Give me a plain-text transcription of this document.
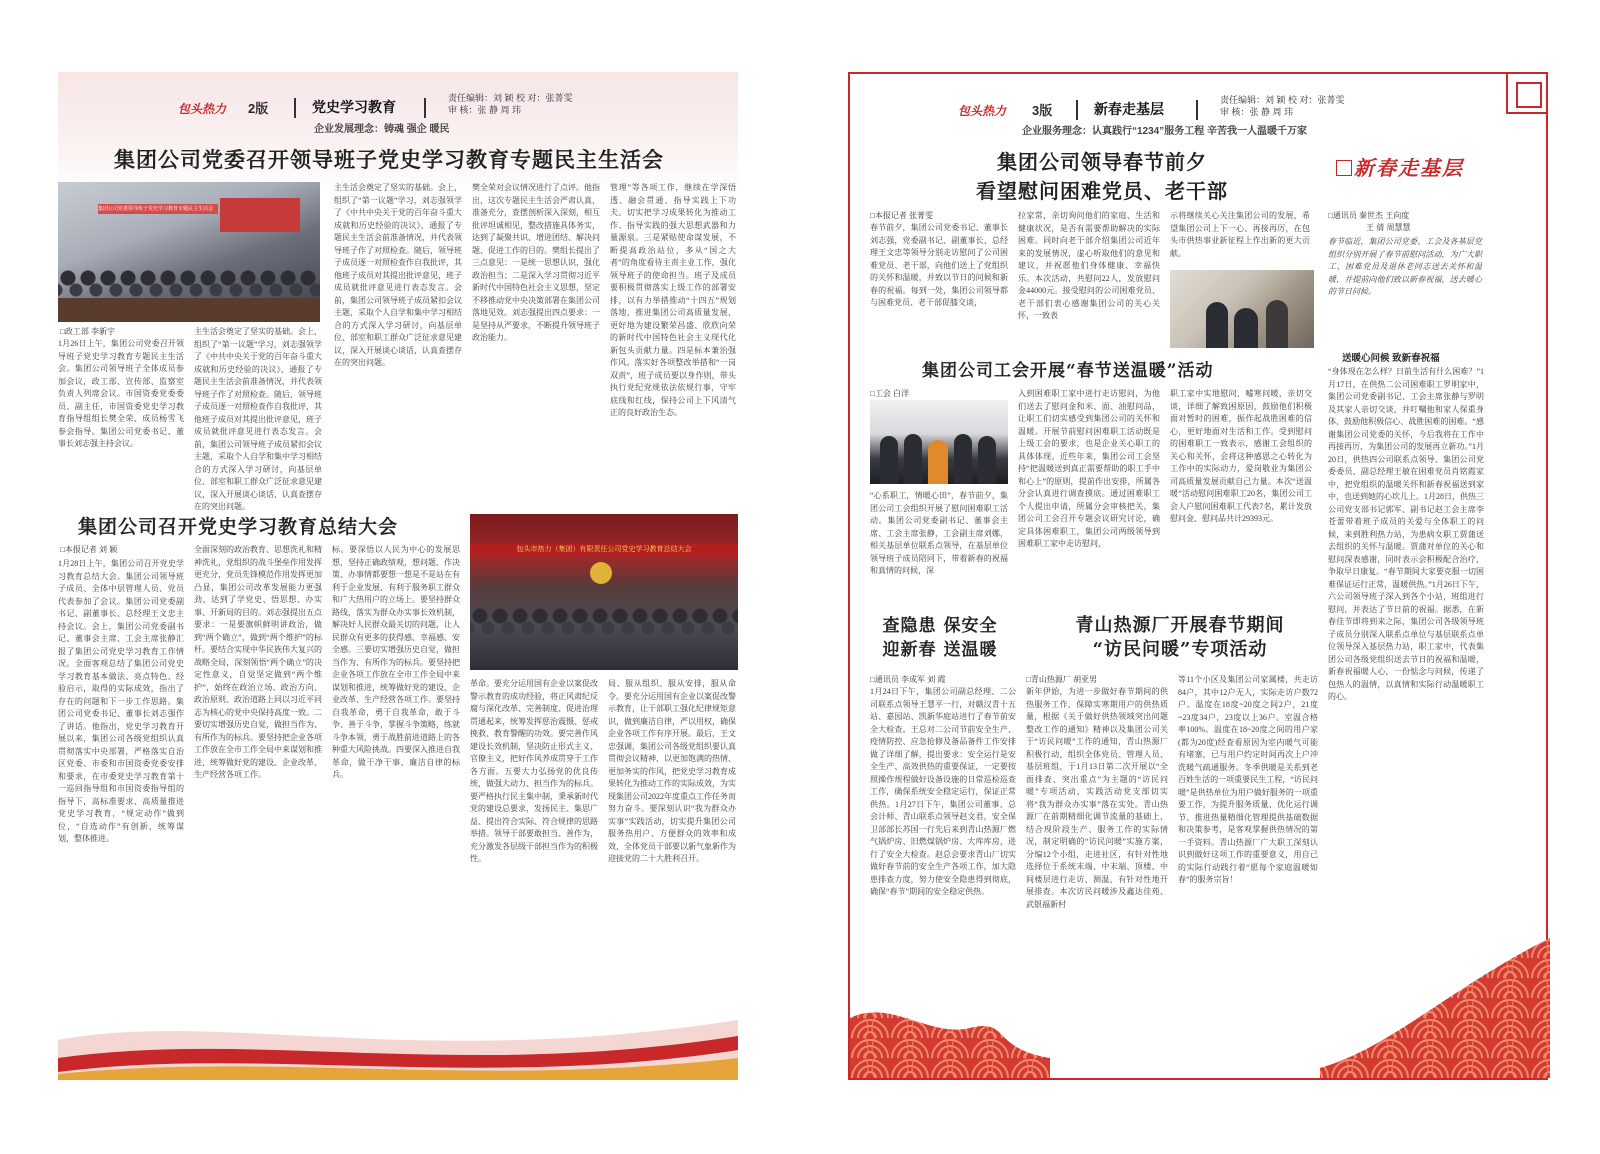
包头热力 2版	党史学习教育
责任编辑：刘 颖 校 对：张菁雯
审 核：张 静 周 玮
企业发展理念：铸魂 强企 暖民
集团公司党委召开领导班子党史学习教育专题民主生活会
集团公司党委领导班子党史学习教育专题民主生活会
□政工部 李新宇
1月26日上午，集团公司党委召开领导班子党史学习教育专题民主生活会。集团公司领导班子全体成员参加会议，政工部、宣传部、监察室负责人列席会议。市国资委党委委员、副主任，市国资委党史学习教育指导组组长樊全荣、成员杨雪飞参会指导。集团公司党委书记、董事长刘志强主持会议。
主生活会奠定了坚实的基础。会上，组织了“第一议题”学习，刘志强领学了《中共中央关于党的百年奋斗重大成就和历史经验的决议》，通报了专题民主生活会前准备情况，并代表领导班子作了对照检查。随后，领导班子成员逐一对照检查作自我批评，其他班子成员对其提出批评意见，班子成员就批评意见进行表态发言。会前，集团公司领导班子成员紧扣会议主题，采取个人自学和集中学习相结合的方式深入学习研讨，向基层单位、部室和职工群众广泛征求意见建议，深入开展谈心谈话，认真查摆存在的突出问题。
樊全荣对会议情况进行了点评。他指出，这次专题民主生活会严肃认真，准备充分，查摆剖析深入深刻，相互批评坦诚相见，整改措施具体务实，达到了凝聚共识、增进团结、解决问题、促进工作的目的。樊组长提出了三点意见：一是统一思想认识，强化政治担当；二是深入学习贯彻习近平新时代中国特色社会主义思想，坚定不移推动党中央决策部署在集团公司落地见效。刘志强提出四点要求：一是坚持从严要求，不断提升领导班子政治能力。
管理”等各项工作，继续在学深悟透、融会贯通、指导实践上下功夫。切实把学习成果转化为推动工作、指导实践的强大思想武器和力量源泉。三是紧贴使命谋发展，不断提高政治站位，多从“国之大者”的角度看待主责主业工作，强化领导班子的使命担当。班子及成员要积极贯彻落实上级工作的部署安排，以有力举措推动“十四五”规划落地，推进集团公司高质量发展，更好地为建设繁荣昌盛、欣欣向荣的新时代中国特色社会主义现代化新包头贡献力量。四是标本兼治强作风。落实好各项整改举措和“一岗双责”，班子成员要以身作则，带头执行党纪党规依法依规行事，守牢底线和红线，保持公司上下风清气正的良好政治生态。
主生活会奠定了坚实的基础。会上，组织了“第一议题”学习，刘志强领学了《中共中央关于党的百年奋斗重大成就和历史经验的决议》，通报了专题民主生活会前准备情况，并代表领导班子作了对照检查。随后，领导班子成员逐一对照检查作自我批评，其他班子成员对其提出批评意见，班子成员就批评意见进行表态发言。会前，集团公司领导班子成员紧扣会议主题，采取个人自学和集中学习相结合的方式深入学习研讨，向基层单位、部室和职工群众广泛征求意见建议，深入开展谈心谈话，认真查摆存在的突出问题。
集团公司召开党史学习教育总结大会
包头市热力（集团）有限责任公司党史学习教育总结大会
□本报记者 刘 颖
1月28日上午，集团公司召开党史学习教育总结大会。集团公司领导班子成员、全体中层管理人员、党员代表参加了会议。集团公司党委副书记、副董事长、总经理王文忠主持会议。会上，集团公司党委副书记、董事会主席、工会主席张静汇报了集团公司党史学习教育工作情况。全面客观总结了集团公司党史学习教育基本做法、亮点特色、经验启示，取得的实际成效，指出了存在的问题和下一步工作思路。集团公司党委书记、董事长刘志强作了讲话。他指出，党史学习教育开展以来，集团公司各级党组织认真贯彻落实中央部署，严格落实自治区党委、市委和市国资委党委安排和要求，在市委党史学习教育第十一巡回指导组和市国资委指导组的指导下，高标准要求、高质量推进党史学习教育，“规定动作”做到位，“自选动作”有创新，统筹谋划，整体推进。
全面深刻的政治教育、思想洗礼和精神洗礼，党组织的战斗堡垒作用发挥更充分，党员先锋模范作用发挥更加凸显，集团公司改革发展能力更强劲，达到了学党史、悟思想、办实事、开新局的目的。刘志强提出五点要求：一是要旗帜鲜明讲政治，做到“两个确立”，做到“两个维护”的标杆。要结合实现中华民族伟大复兴的战略全局，深刻领悟“两个确立”的决定性意义，自觉坚定做到“两个维护”，始终在政治立场、政治方向、政治原则、政治道路上同以习近平同志为核心的党中央保持高度一致。二要切实增强历史自觉，做担当作为、有所作为的标兵。要坚持把企业各项工作放在全市工作全局中来谋划和推进，统筹做好党的建设、企业改革、生产经营各项工作。
标。要深悟以人民为中心的发展思想，坚持正确政绩观，想问题、作决策、办事情都要想一想是不是站在有利于企业发展、有利于服务职工群众和广大热用户的立场上。要坚持群众路线，落实为群众办实事长效机制，解决好人民群众最关切的问题，让人民群众有更多的获得感、幸福感、安全感。三要切实增强历史自觉，做担当作为、有所作为的标兵。要坚持把企业各项工作放在全市工作全局中来谋划和推进，统筹做好党的建设、企业改革、生产经营各项工作。要坚持自我革命，勇于自我革命，敢于斗争、善于斗争，掌握斗争策略，练就斗争本领，勇于战胜前进道路上的各种重大风险挑战。四要深入推进自我革命，做干净干事、廉洁自律的标兵。
革命。要充分运用国有企业以案促改警示教育的成功经验，将正风肃纪反腐与深化改革、完善制度、促进治理贯通起来，统筹发挥惩治震慑、惩戒挽救、教育警醒的功效。要完善作风建设长效机制，坚决防止形式主义、官僚主义，把好作风养成贯穿于工作各方面。五要大力弘扬党的优良传统，做强大动力、担当作为的标兵。要严格执行民主集中制，秉承新时代党的建设总要求，发扬民主、集思广益、提出符合实际、符合规律的思路举措。领导干部要敢担当、善作为，充分激发各层级干部担当作为的积极性。
局、服从组织、服从安排，服从命令。要充分运用国有企业以案促改警示教育，让干部职工强化纪律规矩意识，做到廉洁自律，严以用权，确保企业各项工作有序开展。最后，王文忠强调，集团公司各级党组织要认真贯彻会议精神，以更加饱满的热情、更加务实的作风，把党史学习教育成果转化为推动工作的实际成效，为实现集团公司2022年度重点工作任务而努力奋斗。要深刻认识“我为群众办实事”实践活动，切实提升集团公司服务热用户、方便群众的效率和成效，全体党员干部要以新气象新作为迎接党的二十大胜利召开。
包头热力 3版	新春走基层
责任编辑：刘 颖 校 对：张菁雯
审 核：张 静 周 玮
企业服务理念：认真践行“1234”服务工程 辛苦我一人温暖千万家
集团公司领导春节前夕
看望慰问困难党员、老干部
新春走基层
□本报记者 张菁雯
春节前夕，集团公司党委书记、董事长刘志强，党委副书记、副董事长、总经理王文忠等领导分别走访慰问了公司困难党员、老干部，向他们送上了党组织的关怀和温暖，并致以节日的问候和新春的祝福。每到一处，集团公司领导都与困难党员、老干部促膝交谈，
拉家常，亲切询问他们的家庭、生活和健康状况，是否有需要帮助解决的实际困难。同时向老干部介绍集团公司近年来的发展情况，虚心听取他们的意见和建议，并祝愿他们身体健康、幸福快乐。本次活动，共慰问22人，发放慰问金44000元。接受慰问的公司困难党员、老干部们衷心感谢集团公司的关心关怀，一致表
示将继续关心关注集团公司的发展，希望集团公司上下一心、再接再厉，在包头市供热事业新征程上作出新的更大贡献。
□通讯员 秦世杰 王向度
王 倩 周慧慧
春节临近，集团公司党委、工会及各基层党组织分别开展了春节前慰问活动，为广大职工、困难党员及退休老同志送去关怀和温暖，并提前向他们致以新春祝福，送去暖心的节日问候。
送暖心问候 致新春祝福
“身体现在怎么样？日前生活有什么困难？”1月17日，在供热二公司困难职工罗明家中，集团公司党委副书记、工会主席张静与罗明及其家人亲切交谈，并叮嘱他和家人保重身体，鼓励他积极信心、战胜困难的困难。“感谢集团公司党委的关怀，今后我将在工作中再接再厉，为集团公司的发展再立新功。”1月20日，供热四公司联系点领导、集团公司党委委员、副总经理王敏在困难党员肖铭霞家中，把党组织的温暖关怀和新春祝福送到家中，也送到她的心坎儿上。1月28日，供热三公司党支部书记郭军、副书记赵工会主席李苍蕾带着班子成员的关爱与全体职工的问候，来到胜利热力站，为患病女职工贾蒲送去组织的关怀与温暖。贾蒲对单位的关心和慰问深表感谢，同时表示会积极配合治疗，争取早日康复。“春节期间大家要克服一切困难保证运行正常，温暖供热。”1月26日下午，六公司领导班子深入到各个小站，班组进行慰问，并表达了节日前的祝福。据悉，在新春佳节即将到来之际，集团公司各级领导班子成员分别深入联系点单位与基层联系点单位领导深入基层热力站，职工家中，代表集团公司各级党组织送去节日的祝福和温暖，新春祝福暖人心，一份惦念与问候，传递了包热人的温情，以真情和实际行动温暖职工的心。
集团公司工会开展“春节送温暖”活动
□工会 白洋
“心系职工，情暖心田”，春节前夕，集团公司工会组织开展了慰问困难职工活动。集团公司党委副书记、董事会主席、工会主席张静，工会副主席刘娜，相关基层单位联系点领导，在基层单位领导班子成员陪同下，带着新春的祝福和真情的问候，深
入到困难职工家中进行走访慰问，为他们送去了慰问金和米、面、油慰问品，让职工们切实感受到集团公司的关怀和温暖。开展节前慰问困难职工活动既是上级工会的要求，也是企业关心职工的具体体现。近些年来，集团公司工会坚持“把温暖送到真正需要帮助的职工手中和心上”的原则，提前作出安排，所属各分会认真进行调查摸底。通过困难职工个人提出申请，所属分会审核把关，集团公司工会召开专题会议研究讨论，确定具体困难职工，集团公司两级领导到困难职工家中走访慰问，
职工家中实地慰问，嘘寒问暖，亲切交谈，详细了解致困原因，鼓励他们积极面对暂时的困难，振作起战胜困难的信心，更好地面对生活和工作。受到慰问的困难职工一致表示，感谢工会组织的关心和关怀，会将这种感恩之心转化为工作中的实际动力，爱岗敬业为集团公司高质量发展贡献自己力量。本次“送温暖”活动慰问困难职工20名，集团公司工会人户慰问困难职工代表7名，累计发放慰问金、慰问品共计29393元。
查隐患 保安全
迎新春 送温暖
□通讯员 李成军 刘 霞
1月24日下午，集团公司副总经理、二公司联系点领导王慧平一行，对赣汉青十五站、嘉园站、凯新华庭站进行了春节前安全大检查。王总对二公司节前安全生产、疫情防控、应急抢修及备品备件工作安排做了详细了解，提出要求：安全运行是安全生产、高效供热的重要保证，一定要按照操作规程做好设备设施的日常巡检巡查工作，确保系统安全稳定运行，保证正常供热。1月27日下午，集团公司董事、总会计师、青山联系点领导赵文君，安全保卫部部长苏国一行先后来到青山热源厂燃气锅炉房、旧燃煤锅炉房、大库库房，进行了安全大检查。赵总会要求青山厂切实做好春节前的安全生产各项工作，加大隐患排查力度，努力使安全隐患得到彻底，确保“春节”期间的安全稳定供热。
青山热源厂开展春节期间
“访民问暖”专项活动
□青山热源厂 胡亚男
新年伊始，为进一步做好春节期间的供热服务工作，保障实寒期用户的供热质量，根据《关于做好供热领域突出问题整改工作的通知》精神以及集团公司关于“访民问暖”工作的通知，青山热源厂积极行动，组织全体党员、管理人员、基层班组，于1月13日第二次开展以“全面排查、突出重点”为主题的“访民问暖”专项活动，实践活动党支部切实将“我为群众办实事”落在实处。青山热源厂在前期精细化调节流量的基础上，结合现阶段生产、服务工作的实际情况，制定明确的“访民问暖”实施方案，分编12个小组，走进社区，有针对性地选择位于系统末端、中末端、顶楼、中间楼层进行走访、测温，有针对性地开展排查。本次访民问暖涉及鑫达佳苑、武银福新村
等11个小区及集团公司家属楼，共走访84户，其中12户无人，实际走访户数72户。温度在18度~20度之间2户，21度~23度34户，23度以上36户。室温合格率100%。温度在18~20度之间的用户家(都为20度)经查看原因为室内暖气可能有堵塞，已与用户约定时间再次上户冲洗暖气疏通服务。冬季供暖是关系到老百姓生活的一项重要民生工程，“访民问暖”是供热单位为用户做好服务的一项重要工作，为提升服务质量、优化运行调节、推进热量精细化管理提供基础数据和决策参考，是客观掌握供热情况的第一手资料。青山热源厂广大职工深刻认识到做好这项工作的重要意义，用自己的实际行动践行着“愿每个家庭温暖如春”的服务宗旨！
